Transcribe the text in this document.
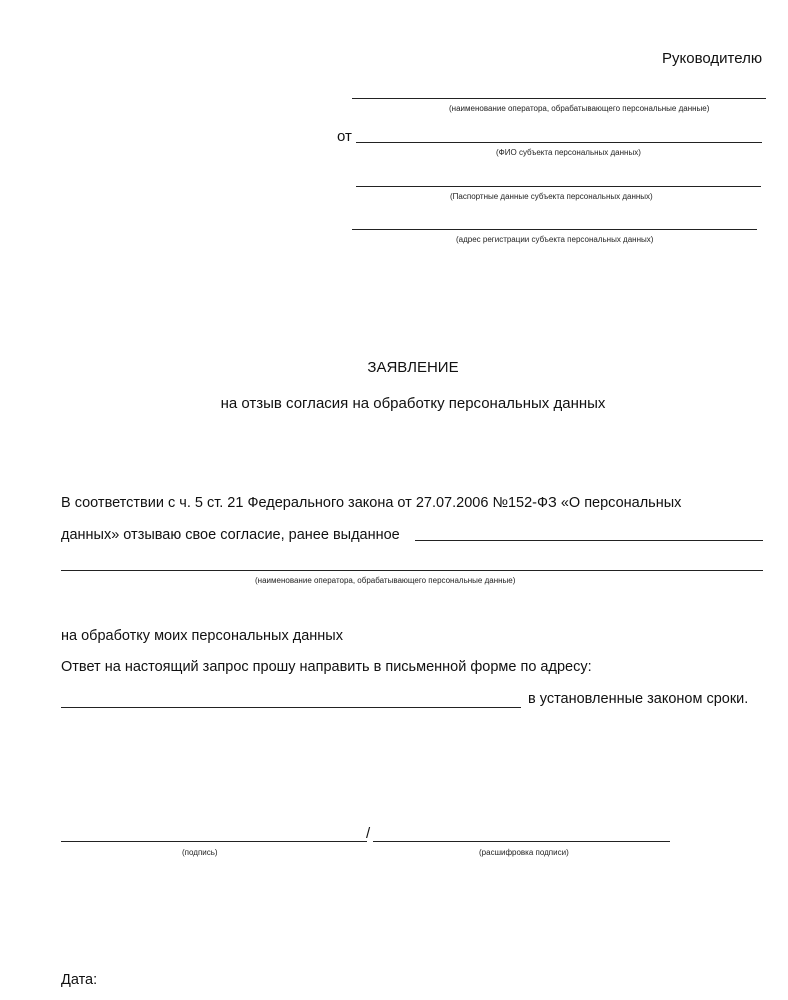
Руководителю
(наименование оператора, обрабатывающего персональные данные)
от
(ФИО субъекта персональных данных)
(Паспортные данные субъекта персональных данных)
(адрес регистрации субъекта персональных данных)
ЗАЯВЛЕНИЕ
на отзыв согласия на обработку персональных данных
В соответствии с ч. 5 ст. 21 Федерального закона от 27.07.2006 №152-ФЗ «О персональных
данных» отзываю свое согласие, ранее выданное
(наименование оператора, обрабатывающего персональные данные)
на обработку моих персональных данных
Ответ на настоящий запрос прошу направить в письменной форме по адресу:
в установленные законом сроки.
/
(подпись)	(расшифровка подписи)
Дата:
